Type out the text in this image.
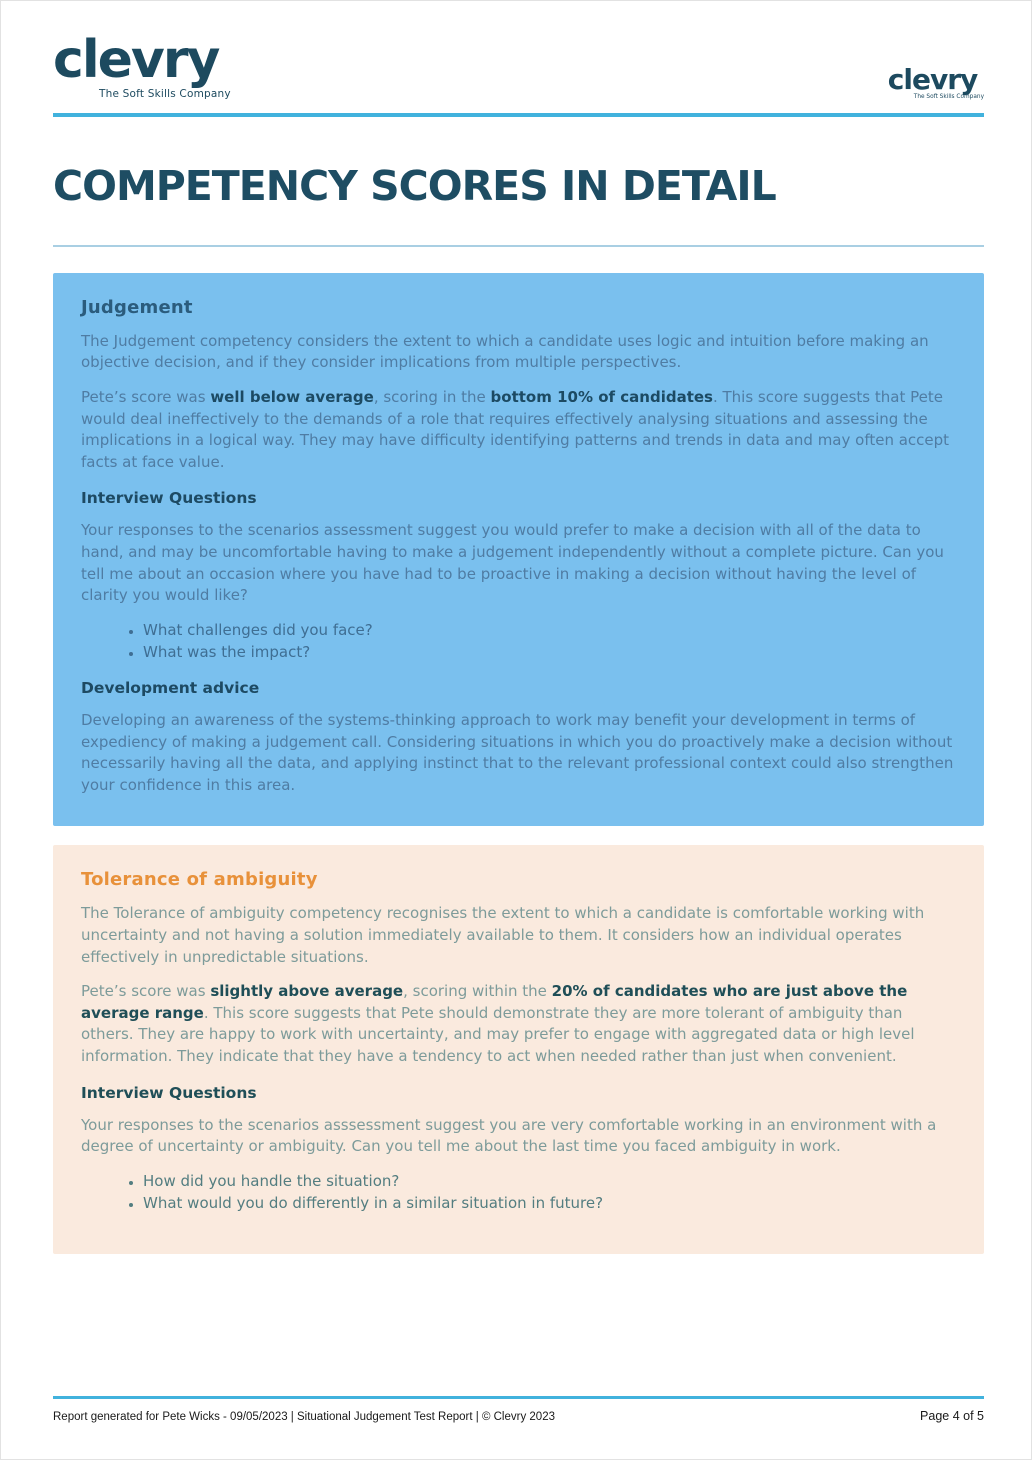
clevry
The Soft Skills Company	clevry
The Soft Skills Company
COMPETENCY SCORES IN DETAIL
Judgement

The Judgement competency considers the extent to which a candidate uses logic and intuition before making an objective decision, and if they consider implications from multiple perspectives.

Pete’s score was well below average, scoring in the bottom 10% of candidates. This score suggests that Pete would deal ineffectively to the demands of a role that requires effectively analysing situations and assessing the implications in a logical way. They may have difficulty identifying patterns and trends in data and may often accept facts at face value.

Interview Questions

Your responses to the scenarios assessment suggest you would prefer to make a decision with all of the data to hand, and may be uncomfortable having to make a judgement independently without a complete picture. Can you tell me about an occasion where you have had to be proactive in making a decision without having the level of clarity you would like?

• What challenges did you face?
• What was the impact?
Development advice

Developing an awareness of the systems-thinking approach to work may benefit your development in terms of expediency of making a judgement call. Considering situations in which you do proactively make a decision without necessarily having all the data, and applying instinct that to the relevant professional context could also strengthen your confidence in this area.

Tolerance of ambiguity

The Tolerance of ambiguity competency recognises the extent to which a candidate is comfortable working with uncertainty and not having a solution immediately available to them. It considers how an individual operates effectively in unpredictable situations.

Pete’s score was slightly above average, scoring within the 20% of candidates who are just above the average range. This score suggests that Pete should demonstrate they are more tolerant of ambiguity than others. They are happy to work with uncertainty, and may prefer to engage with aggregated data or high level information. They indicate that they have a tendency to act when needed rather than just when convenient.

Interview Questions

Your responses to the scenarios asssessment suggest you are very comfortable working in an environment with a degree of uncertainty or ambiguity. Can you tell me about the last time you faced ambiguity in work.

• How did you handle the situation?
• What would you do differently in a similar situation in future?
Report generated for Pete Wicks - 09/05/2023 | Situational Judgement Test Report | © Clevry 2023	Page 4 of 5
